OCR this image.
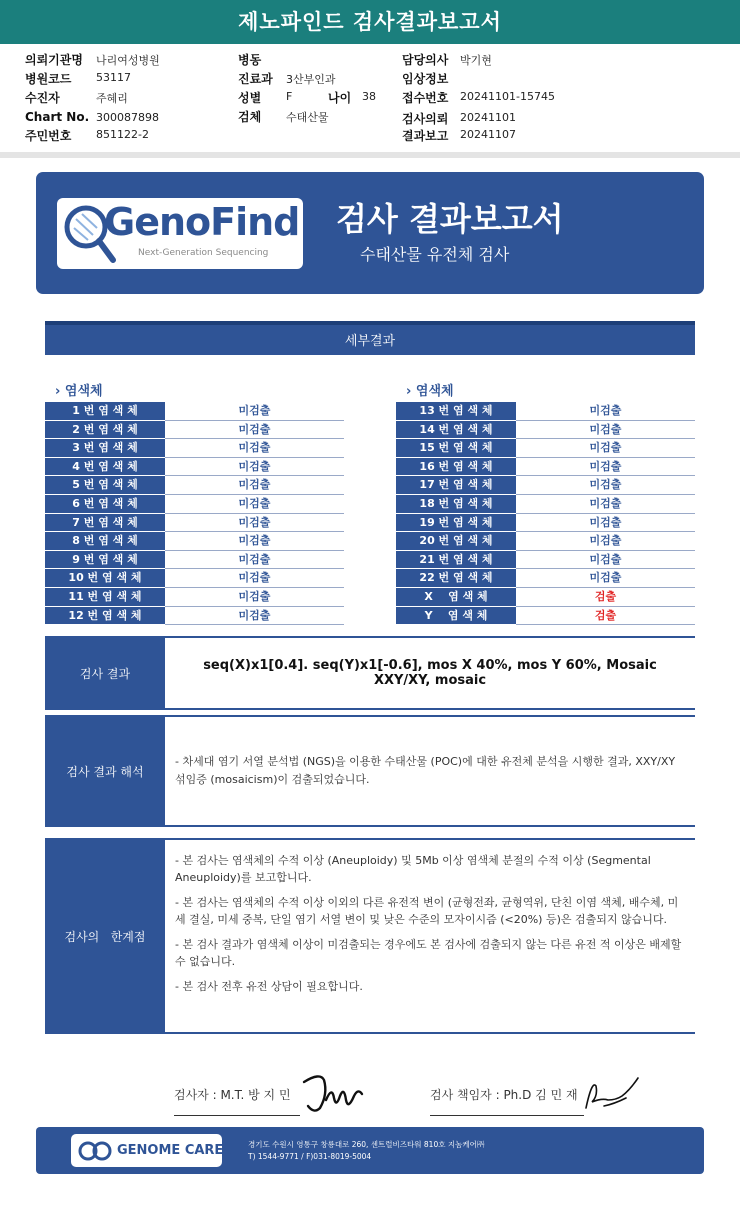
제노파인드 검사결과보고서
의뢰기관명 나리여성병원
병원코드 53117
수진자	주혜리
Chart No. 300087898
주민번호 851122-2
병동
진료과 3산부인과
성별 F
검체 수태산물
담당의사 박기현
임상정보
접수번호 20241101-15745
검사의뢰 20241101
결과보고 20241107
나이 38
GenoFind
Next-Generation Sequencing
검사 결과보고서
수태산물 유전체 검사
세부결과
› 염색체	› 염색체
1 번 염 색 체	미검출
2 번 염 색 체	미검출
3 번 염 색 체	미검출
4 번 염 색 체	미검출
5 번 염 색 체	미검출
6 번 염 색 체	미검출
7 번 염 색 체	미검출
8 번 염 색 체	미검출
9 번 염 색 체	미검출
10 번 염 색 체	미검출
11 번 염 색 체	미검출
12 번 염 색 체	미검출
13 번 염 색 체	미검출
14 번 염 색 체	미검출
15 번 염 색 체	미검출
16 번 염 색 체	미검출
17 번 염 색 체	미검출
18 번 염 색 체	미검출
19 번 염 색 체	미검출
20 번 염 색 체	미검출
21 번 염 색 체	미검출
22 번 염 색 체	미검출
X    염 색 체	검출
Y    염 색 체	검출
검사 결과
seq(X)x1[0.4]. seq(Y)x1[-0.6], mos X 40%, mos Y 60%, Mosaic XXY/XY, mosaic
검사 결과 해석
- 차세대 염기 서열 분석법 (NGS)을 이용한 수태산물 (POC)에 대한 유전체 분석을 시행한 결과, XXY/XY 섞임증 (mosaicism)이 검출되었습니다.
검사의   한계점
- 본 검사는 염색체의 수적 이상 (Aneuploidy) 및 5Mb 이상 염색체 분절의 수적 이상 (Segmental Aneuploidy)를 보고합니다.
- 본 검사는 염색체의 수적 이상 이외의 다른 유전적 변이 (균형전좌, 균형역위, 단친 이염 색체, 배수체, 미세 결실, 미세 중복, 단일 염기 서열 변이 및 낮은 수준의 모자이시즘 (<20%) 등)은 검출되지 않습니다.
- 본 검사 결과가 염색체 이상이 미검출되는 경우에도 본 검사에 검출되지 않는 다른 유전 적 이상은 배제할 수 없습니다.
- 본 검사 전후 유전 상담이 필요합니다.
검사자 : M.T. 방 지 민	검사 책임자 : Ph.D 김 민 재
GENOME CARE	경기도 수원시 영통구 창룡대로 260, 센트럴비즈타워 810호 지놈케어㈜
T) 1544-9771 / F)031-8019-5004
